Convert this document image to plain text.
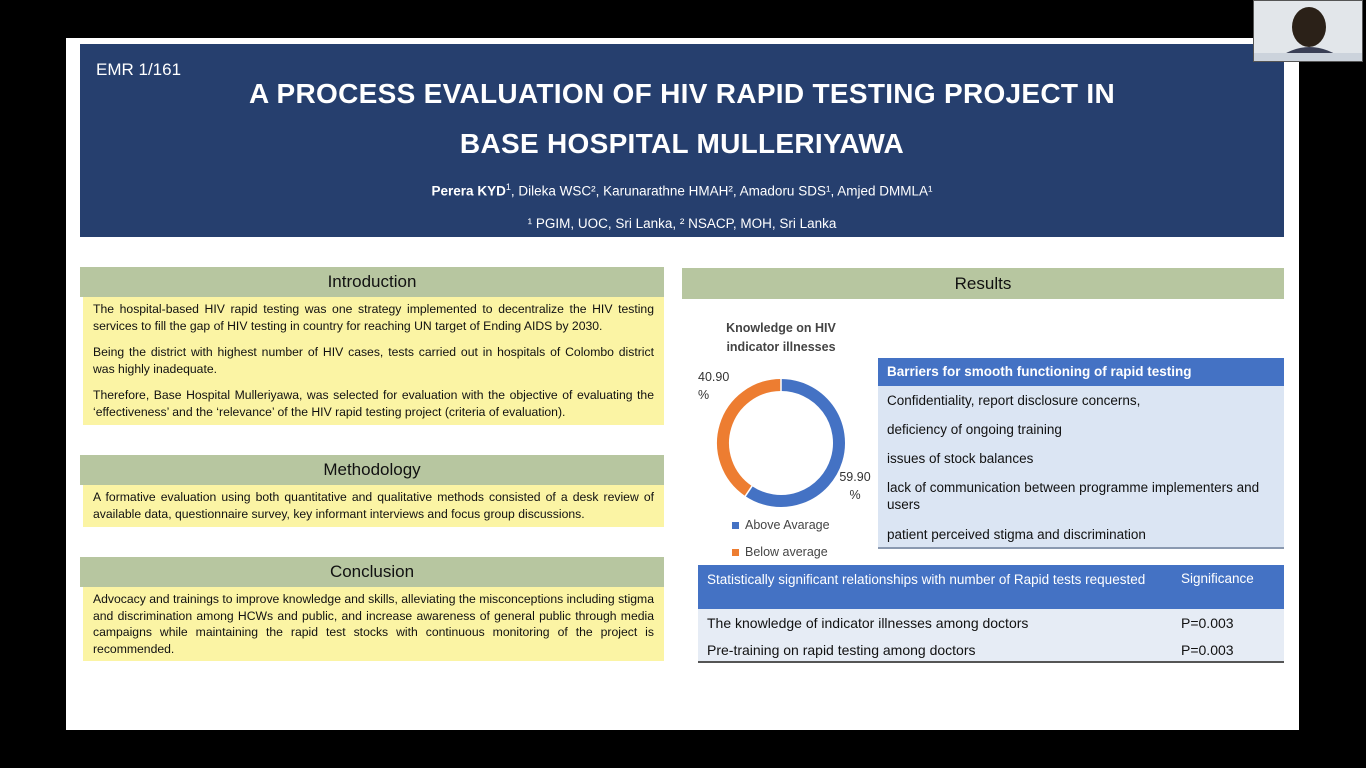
EMR 1/161
A PROCESS EVALUATION OF HIV RAPID TESTING PROJECT IN
BASE HOSPITAL MULLERIYAWA
Perera KYD$^1$, Dileka WSC², Karunarathne HMAH², Amadoru SDS¹, Amjed DMMLA¹
¹ PGIM, UOC, Sri Lanka, ² NSACP, MOH, Sri Lanka
Introduction

The hospital-based HIV rapid testing was one strategy implemented to decentralize the HIV testing services to fill the gap of HIV testing in country for reaching UN target of Ending AIDS by 2030.

Being the district with highest number of HIV cases, tests carried out in hospitals of Colombo district was highly inadequate.

Therefore, Base Hospital Mulleriyawa, was selected for evaluation with the objective of evaluating the ‘effectiveness’ and the ‘relevance’ of the HIV rapid testing project (criteria of evaluation).

Methodology

A formative evaluation using both quantitative and qualitative methods consisted of a desk review of available data, questionnaire survey, key informant interviews and focus group discussions.

Conclusion

Advocacy and trainings to improve knowledge and skills, alleviating the misconceptions including stigma and discrimination among HCWs and public, and increase awareness of general public through media campaigns while maintaining the rapid test stocks with continuous monitoring of the project is recommended.

Results
Knowledge on HIV indicator illnesses
40.90 %
59.90 %
Above Avarage
Below average
Barriers for smooth functioning of rapid testing
Confidentiality, report disclosure concerns,
deficiency of ongoing training
issues of stock balances
lack of communication between programme implementers and users
patient perceived stigma and discrimination
Statistically significant relationships with number of Rapid tests requested	Significance
The knowledge of indicator illnesses among doctors	P=0.003
Pre-training on rapid testing among doctors	P=0.003
